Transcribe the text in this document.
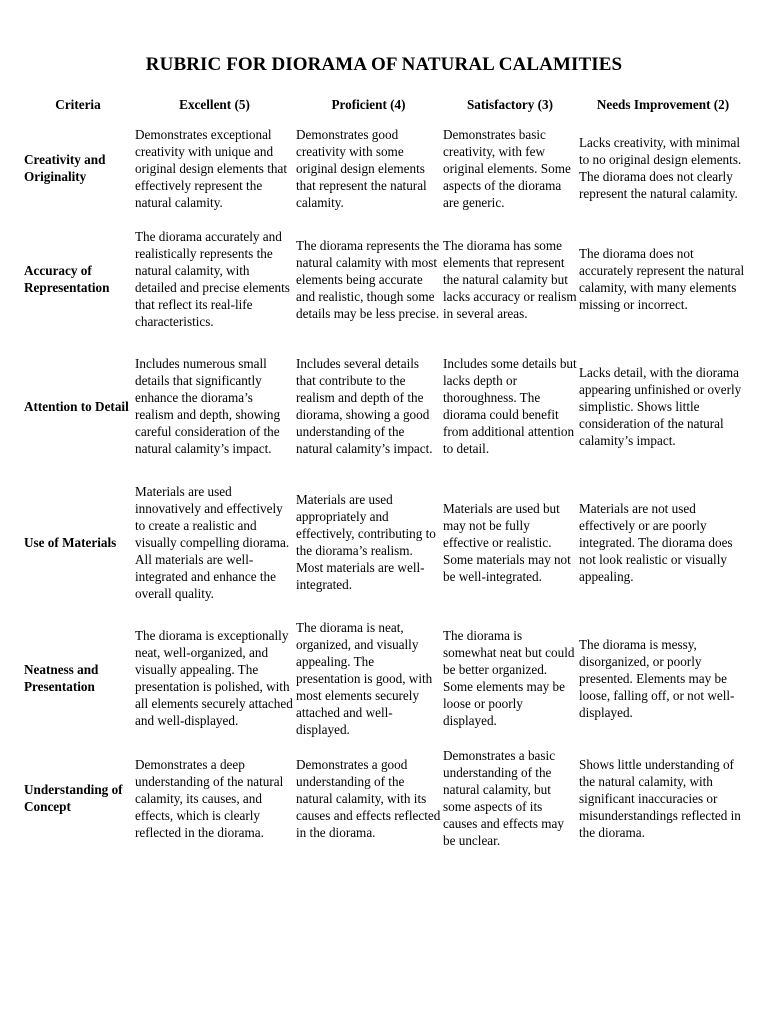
RUBRIC FOR DIORAMA OF NATURAL CALAMITIES
Criteria	Excellent (5)	Proficient (4)	Satisfactory (3)	Needs Improvement (2)
Creativity and Originality	Demonstrates exceptional creativity with unique and original design elements that effectively represent the natural calamity.	Demonstrates good creativity with some original design elements that represent the natural calamity.	Demonstrates basic creativity, with few original elements. Some aspects of the diorama are generic.	Lacks creativity, with minimal to no original design elements. The diorama does not clearly represent the natural calamity.
Accuracy of Representation	The diorama accurately and realistically represents the natural calamity, with detailed and precise elements that reflect its real-life characteristics.	The diorama represents the natural calamity with most elements being accurate and realistic, though some details may be less precise.	The diorama has some elements that represent the natural calamity but lacks accuracy or realism in several areas.	The diorama does not accurately represent the natural calamity, with many elements missing or incorrect.
Attention to Detail	Includes numerous small details that significantly enhance the diorama’s realism and depth, showing careful consideration of the natural calamity’s impact.	Includes several details that contribute to the realism and depth of the diorama, showing a good understanding of the natural calamity’s impact.	Includes some details but lacks depth or thoroughness. The diorama could benefit from additional attention to detail.	Lacks detail, with the diorama appearing unfinished or overly simplistic. Shows little consideration of the natural calamity’s impact.
Use of Materials	Materials are used innovatively and effectively to create a realistic and visually compelling diorama. All materials are well-integrated and enhance the overall quality.	Materials are used appropriately and effectively, contributing to the diorama’s realism. Most materials are well-integrated.	Materials are used but may not be fully effective or realistic. Some materials may not be well-integrated.	Materials are not used effectively or are poorly integrated. The diorama does not look realistic or visually appealing.
Neatness and Presentation	The diorama is exceptionally neat, well-organized, and visually appealing. The presentation is polished, with all elements securely attached and well-displayed.	The diorama is neat, organized, and visually appealing. The presentation is good, with most elements securely attached and well-displayed.	The diorama is somewhat neat but could be better organized. Some elements may be loose or poorly displayed.	The diorama is messy, disorganized, or poorly presented. Elements may be loose, falling off, or not well-displayed.
Understanding of Concept	Demonstrates a deep understanding of the natural calamity, its causes, and effects, which is clearly reflected in the diorama.	Demonstrates a good understanding of the natural calamity, with its causes and effects reflected in the diorama.	Demonstrates a basic understanding of the natural calamity, but some aspects of its causes and effects may be unclear.	Shows little understanding of the natural calamity, with significant inaccuracies or misunderstandings reflected in the diorama.
